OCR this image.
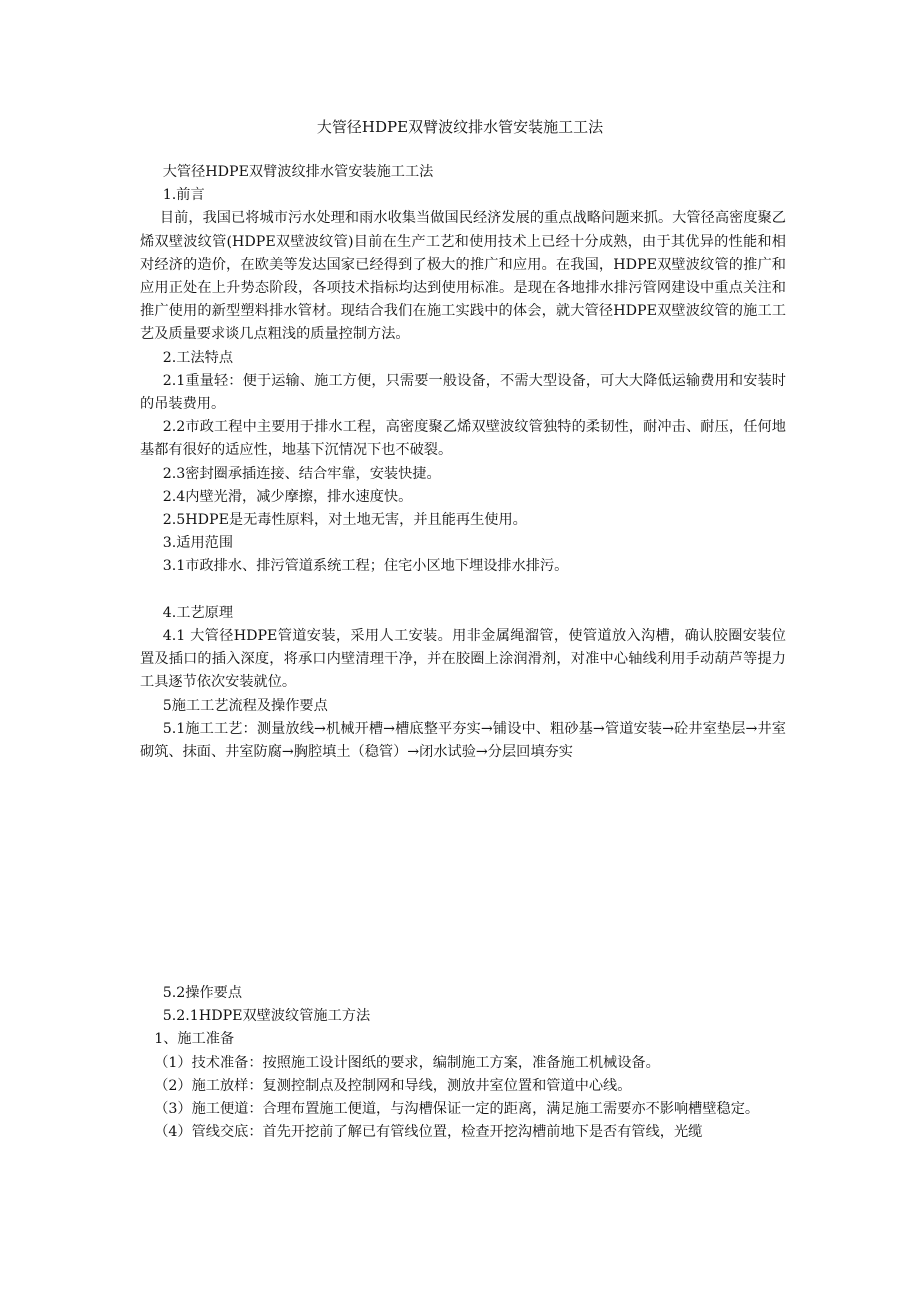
大管径HDPE双臂波纹排水管安装施工工法

大管径HDPE双臂波纹排水管安装施工工法

1.前言

目前，我国已将城市污水处理和雨水收集当做国民经济发展的重点战略问题来抓。大管径高密度聚乙烯双壁波纹管(HDPE双壁波纹管)目前在生产工艺和使用技术上已经十分成熟，由于其优异的性能和相对经济的造价，在欧美等发达国家已经得到了极大的推广和应用。在我国，HDPE双壁波纹管的推广和应用正处在上升势态阶段，各项技术指标均达到使用标准。是现在各地排水排污管网建设中重点关注和推广使用的新型塑料排水管材。现结合我们在施工实践中的体会，就大管径HDPE双壁波纹管的施工工艺及质量要求谈几点粗浅的质量控制方法。

2.工法特点

2.1重量轻：便于运输、施工方便，只需要一般设备，不需大型设备，可大大降低运输费用和安装时的吊装费用。

2.2市政工程中主要用于排水工程，高密度聚乙烯双壁波纹管独特的柔韧性，耐冲击、耐压，任何地基都有很好的适应性，地基下沉情况下也不破裂。

2.3密封圈承插连接、结合牢靠，安装快捷。

2.4内壁光滑，减少摩擦，排水速度快。

2.5HDPE是无毒性原料，对土地无害，并且能再生使用。

3.适用范围

3.1市政排水、排污管道系统工程；住宅小区地下埋设排水排污。

4.工艺原理

4.1 大管径HDPE管道安装，采用人工安装。用非金属绳溜管，使管道放入沟槽，确认胶圈安装位置及插口的插入深度，将承口内壁清理干净，并在胶圈上涂润滑剂，对准中心轴线利用手动葫芦等提力工具逐节依次安装就位。

5施工工艺流程及操作要点

5.1施工工艺：测量放线→机械开槽→槽底整平夯实→铺设中、粗砂基→管道安装→砼井室垫层→井室砌筑、抹面、井室防腐→胸腔填土（稳管）→闭水试验→分层回填夯实

5.2操作要点

5.2.1HDPE双壁波纹管施工方法

1、施工准备

（1）技术准备：按照施工设计图纸的要求，编制施工方案，准备施工机械设备。

（2）施工放样：复测控制点及控制网和导线，测放井室位置和管道中心线。

（3）施工便道：合理布置施工便道，与沟槽保证一定的距离，满足施工需要亦不影响槽壁稳定。

（4）管线交底：首先开挖前了解已有管线位置，检查开挖沟槽前地下是否有管线，光缆
